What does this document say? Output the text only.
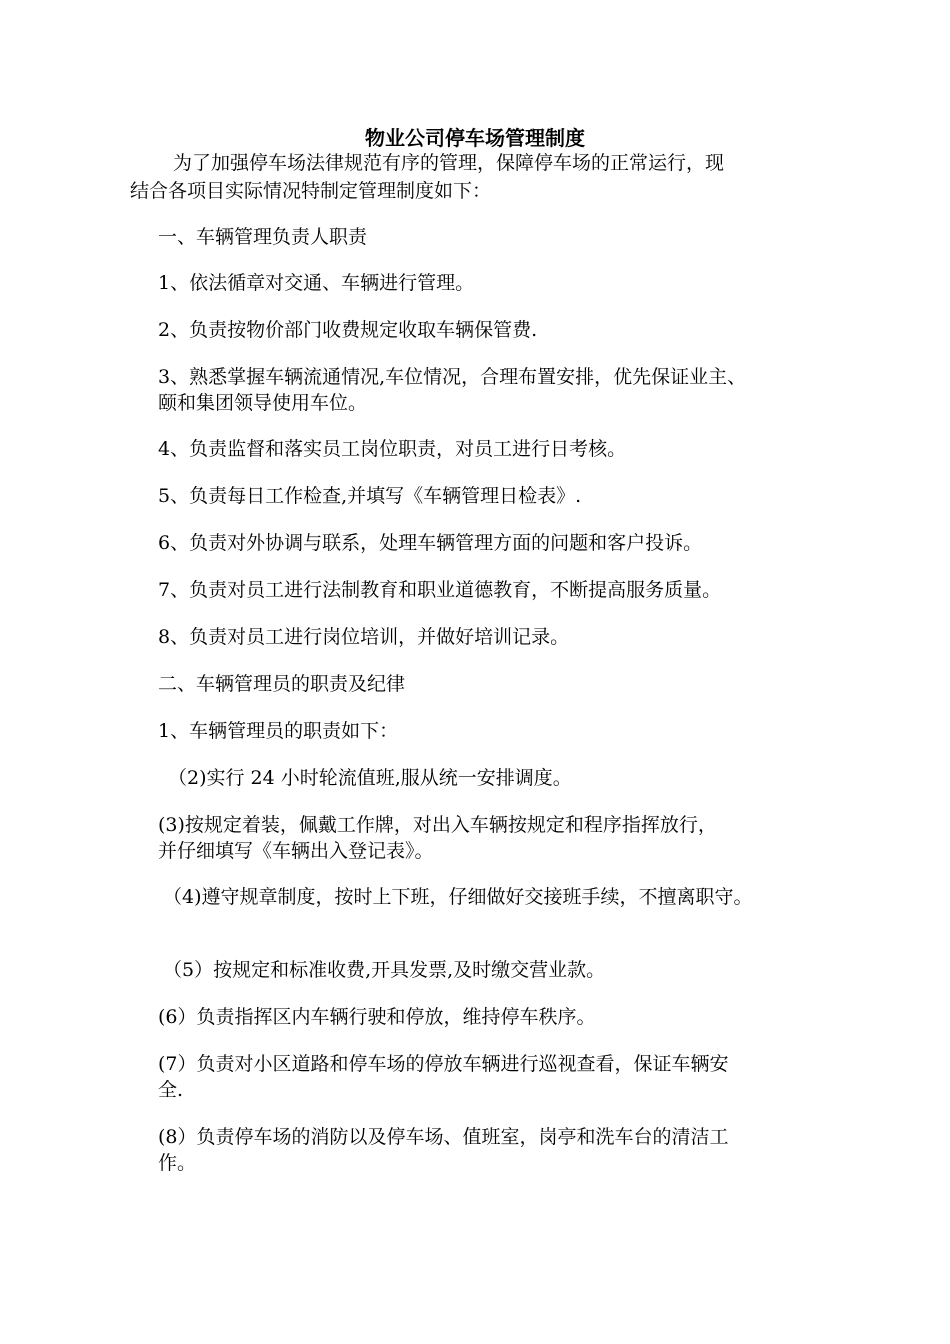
物业公司停车场管理制度
为了加强停车场法律规范有序的管理，保障停车场的正常运行，现
结合各项目实际情况特制定管理制度如下：
一、车辆管理负责人职责
1、依法循章对交通、车辆进行管理。
2、负责按物价部门收费规定收取车辆保管费.
3、熟悉掌握车辆流通情况,车位情况，合理布置安排，优先保证业主、
颐和集团领导使用车位。
4、负责监督和落实员工岗位职责，对员工进行日考核。
5、负责每日工作检查,并填写《车辆管理日检表》.
6、负责对外协调与联系，处理车辆管理方面的问题和客户投诉。
7、负责对员工进行法制教育和职业道德教育，不断提高服务质量。
8、负责对员工进行岗位培训，并做好培训记录。
二、车辆管理员的职责及纪律
1、车辆管理员的职责如下：
（2)实行 24 小时轮流值班,服从统一安排调度。
(3)按规定着装，佩戴工作牌，对出入车辆按规定和程序指挥放行，
并仔细填写《车辆出入登记表》。
（4)遵守规章制度，按时上下班，仔细做好交接班手续，不擅离职守。
（5）按规定和标准收费,开具发票,及时缴交营业款。
(6）负责指挥区内车辆行驶和停放，维持停车秩序。
(7）负责对小区道路和停车场的停放车辆进行巡视查看，保证车辆安
全.
(8）负责停车场的消防以及停车场、值班室，岗亭和洗车台的清洁工
作。
